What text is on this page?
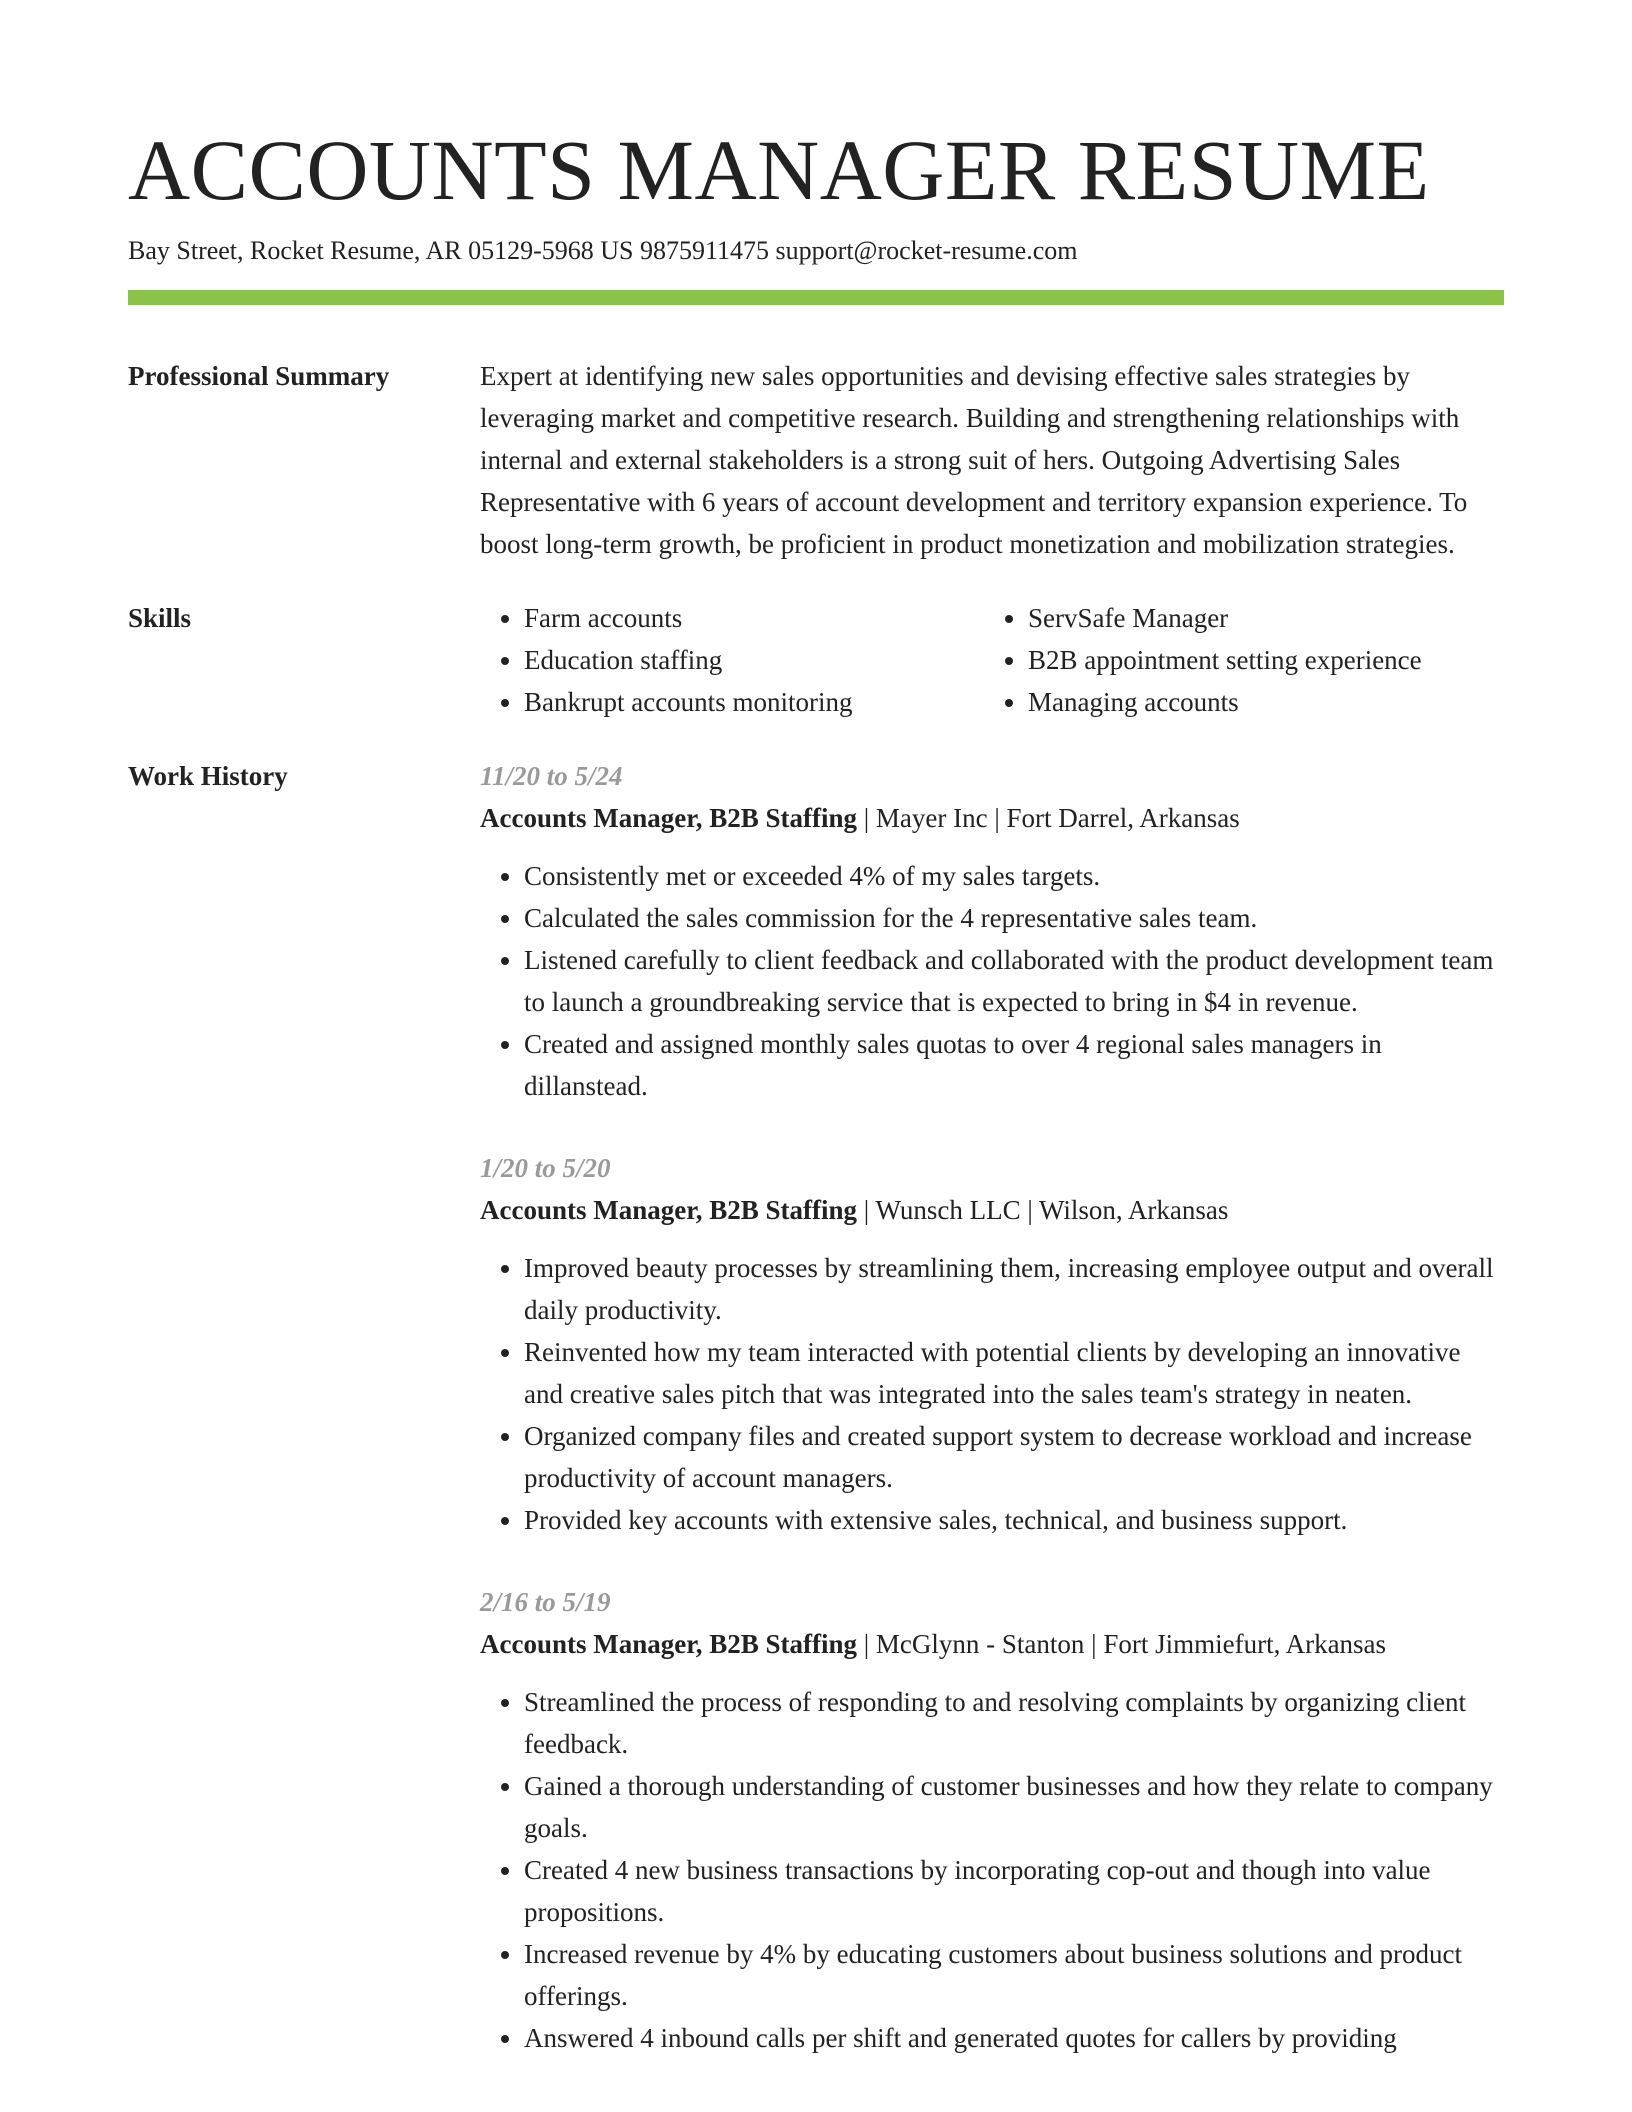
ACCOUNTS MANAGER RESUME
Bay Street, Rocket Resume, AR 05129-5968 US 9875911475 support@rocket-resume.com
Professional Summary	Expert at identifying new sales opportunities and devising effective sales strategies by leveraging market and competitive research. Building and strengthening relationships with internal and external stakeholders is a strong suit of hers. Outgoing Advertising Sales Representative with 6 years of account development and territory expansion experience. To boost long-term growth, be proficient in product monetization and mobilization strategies.

Skills
•	Farm accounts
• Education staffing
• Bankrupt accounts monitoring
• ServSafe Manager
• B2B appointment setting experience
• Managing accounts
Work History	11/20 to 5/24
Accounts Manager, B2B Staffing | Mayer Inc | Fort Darrel, Arkansas
• Consistently met or exceeded 4% of my sales targets.
• Calculated the sales commission for the 4 representative sales team.
• Listened carefully to client feedback and collaborated with the product development team to launch a groundbreaking service that is expected to bring in $4 in revenue.
• Created and assigned monthly sales quotas to over 4 regional sales managers in dillanstead.
1/20 to 5/20
Accounts Manager, B2B Staffing | Wunsch LLC | Wilson, Arkansas
• Improved beauty processes by streamlining them, increasing employee output and overall daily productivity.
• Reinvented how my team interacted with potential clients by developing an innovative and creative sales pitch that was integrated into the sales team's strategy in neaten.
• Organized company files and created support system to decrease workload and increase productivity of account managers.
• Provided key accounts with extensive sales, technical, and business support.
2/16 to 5/19
Accounts Manager, B2B Staffing | McGlynn - Stanton | Fort Jimmiefurt, Arkansas
• Streamlined the process of responding to and resolving complaints by organizing client feedback.
• Gained a thorough understanding of customer businesses and how they relate to company goals.
• Created 4 new business transactions by incorporating cop-out and though into value propositions.
• Increased revenue by 4% by educating customers about business solutions and product offerings.
• Answered 4 inbound calls per shift and generated quotes for callers by providing
